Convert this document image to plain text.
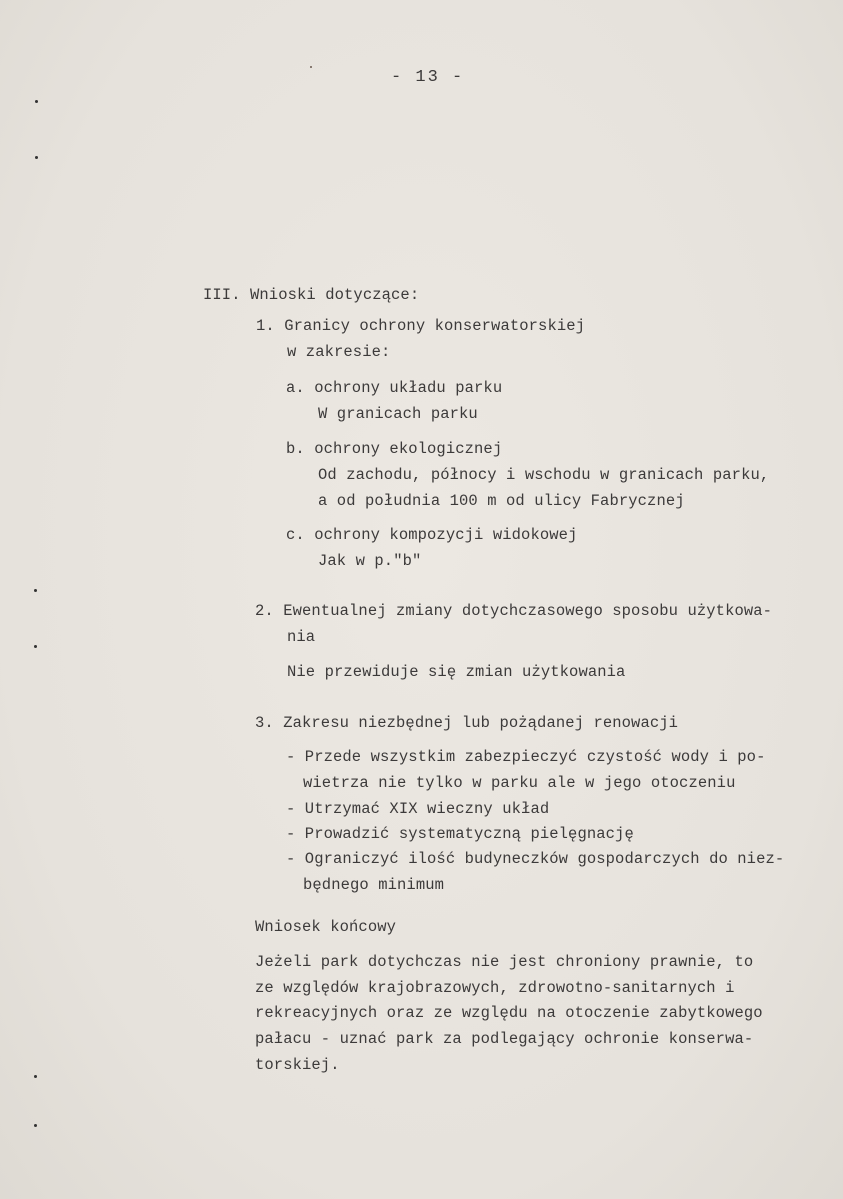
- 13 -
III. Wnioski dotyczące:
1. Granicy ochrony konserwatorskiej
w zakresie:
a. ochrony układu parku
W granicach parku
b. ochrony ekologicznej
Od zachodu, północy i wschodu w granicach parku,
a od południa 100 m od ulicy Fabrycznej
c. ochrony kompozycji widokowej
Jak w p."b"
2. Ewentualnej zmiany dotychczasowego sposobu użytkowa-
nia
Nie przewiduje się zmian użytkowania
3. Zakresu niezbędnej lub pożądanej renowacji
- Przede wszystkim zabezpieczyć czystość wody i po-
wietrza nie tylko w parku ale w jego otoczeniu
- Utrzymać XIX wieczny układ
- Prowadzić systematyczną pielęgnację
- Ograniczyć ilość budyneczków gospodarczych do niez-
będnego minimum
Wniosek końcowy
Jeżeli park dotychczas nie jest chroniony prawnie, to
ze względów krajobrazowych, zdrowotno-sanitarnych i
rekreacyjnych oraz ze względu na otoczenie zabytkowego
pałacu - uznać park za podlegający ochronie konserwa-
torskiej.
